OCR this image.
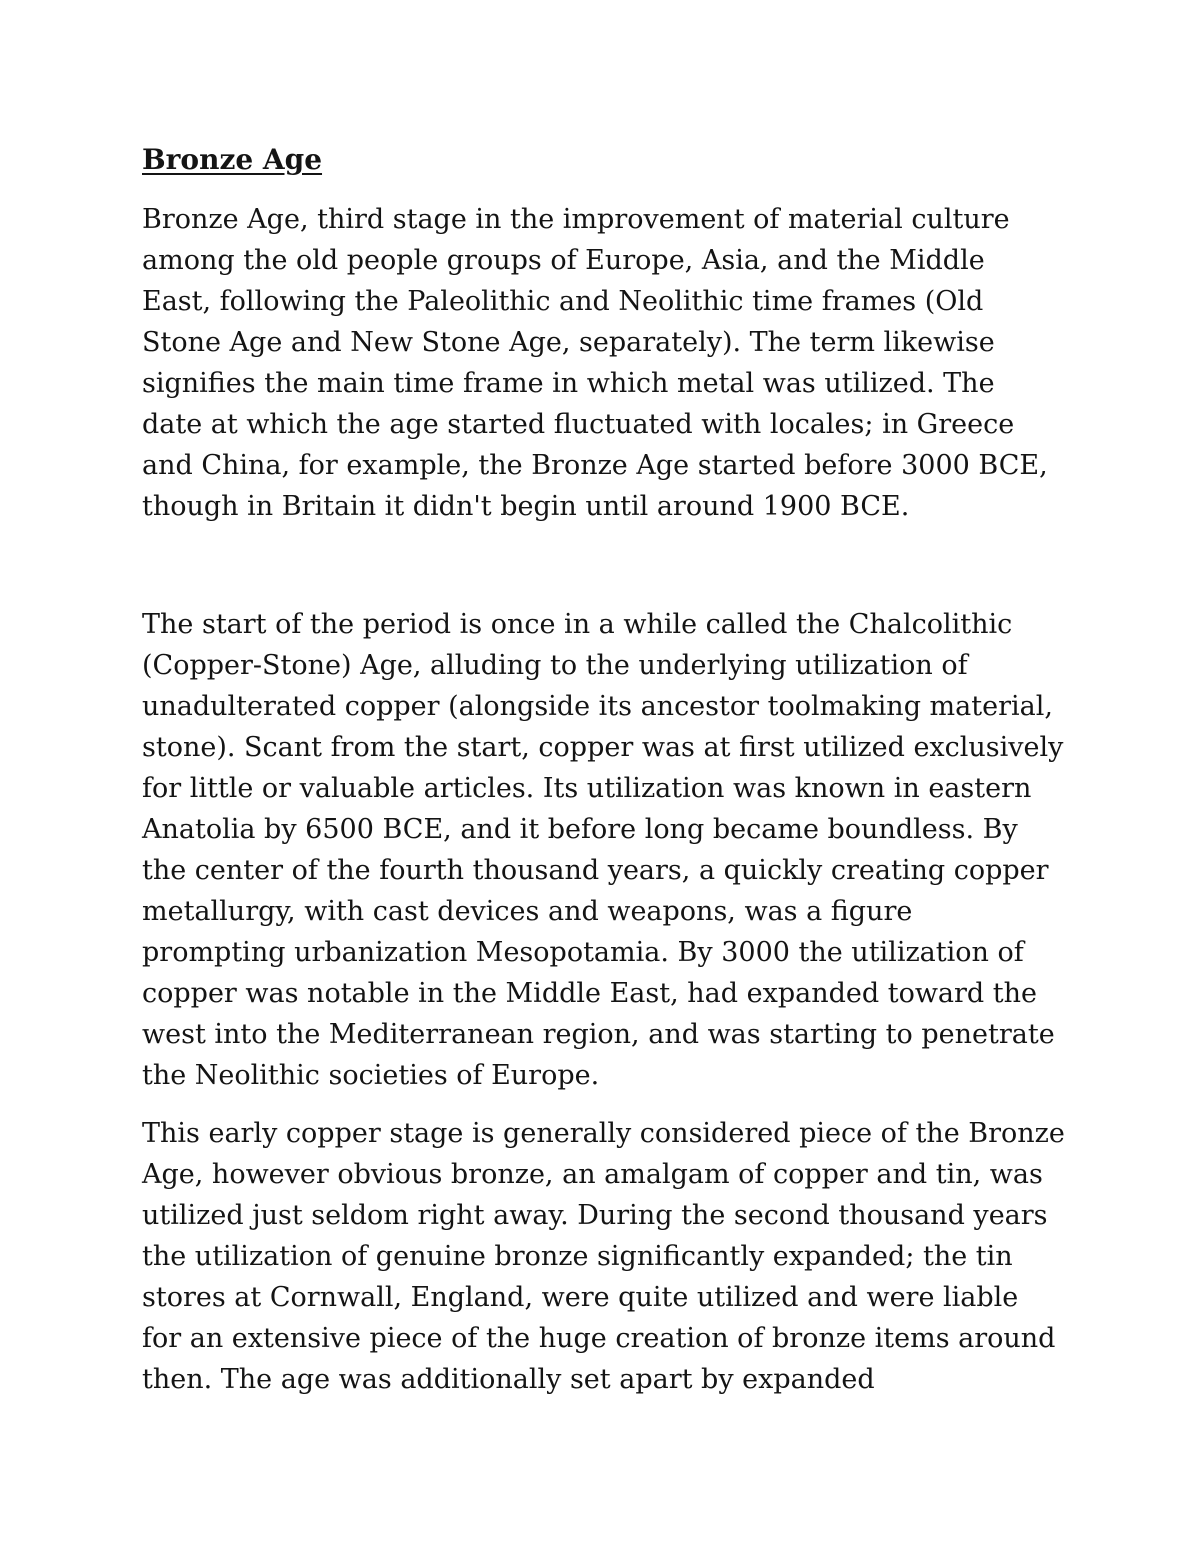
Bronze Age

Bronze Age, third stage in the improvement of material culture
among the old people groups of Europe, Asia, and the Middle
East, following the Paleolithic and Neolithic time frames (Old
Stone Age and New Stone Age, separately). The term likewise
signifies the main time frame in which metal was utilized. The
date at which the age started fluctuated with locales; in Greece
and China, for example, the Bronze Age started before 3000 BCE,
though in Britain it didn't begin until around 1900 BCE.

The start of the period is once in a while called the Chalcolithic
(Copper-Stone) Age, alluding to the underlying utilization of
unadulterated copper (alongside its ancestor toolmaking material,
stone). Scant from the start, copper was at first utilized exclusively
for little or valuable articles. Its utilization was known in eastern
Anatolia by 6500 BCE, and it before long became boundless. By
the center of the fourth thousand years, a quickly creating copper
metallurgy, with cast devices and weapons, was a figure
prompting urbanization Mesopotamia. By 3000 the utilization of
copper was notable in the Middle East, had expanded toward the
west into the Mediterranean region, and was starting to penetrate
the Neolithic societies of Europe.

This early copper stage is generally considered piece of the Bronze
Age, however obvious bronze, an amalgam of copper and tin, was
utilized just seldom right away. During the second thousand years
the utilization of genuine bronze significantly expanded; the tin
stores at Cornwall, England, were quite utilized and were liable
for an extensive piece of the huge creation of bronze items around
then. The age was additionally set apart by expanded
